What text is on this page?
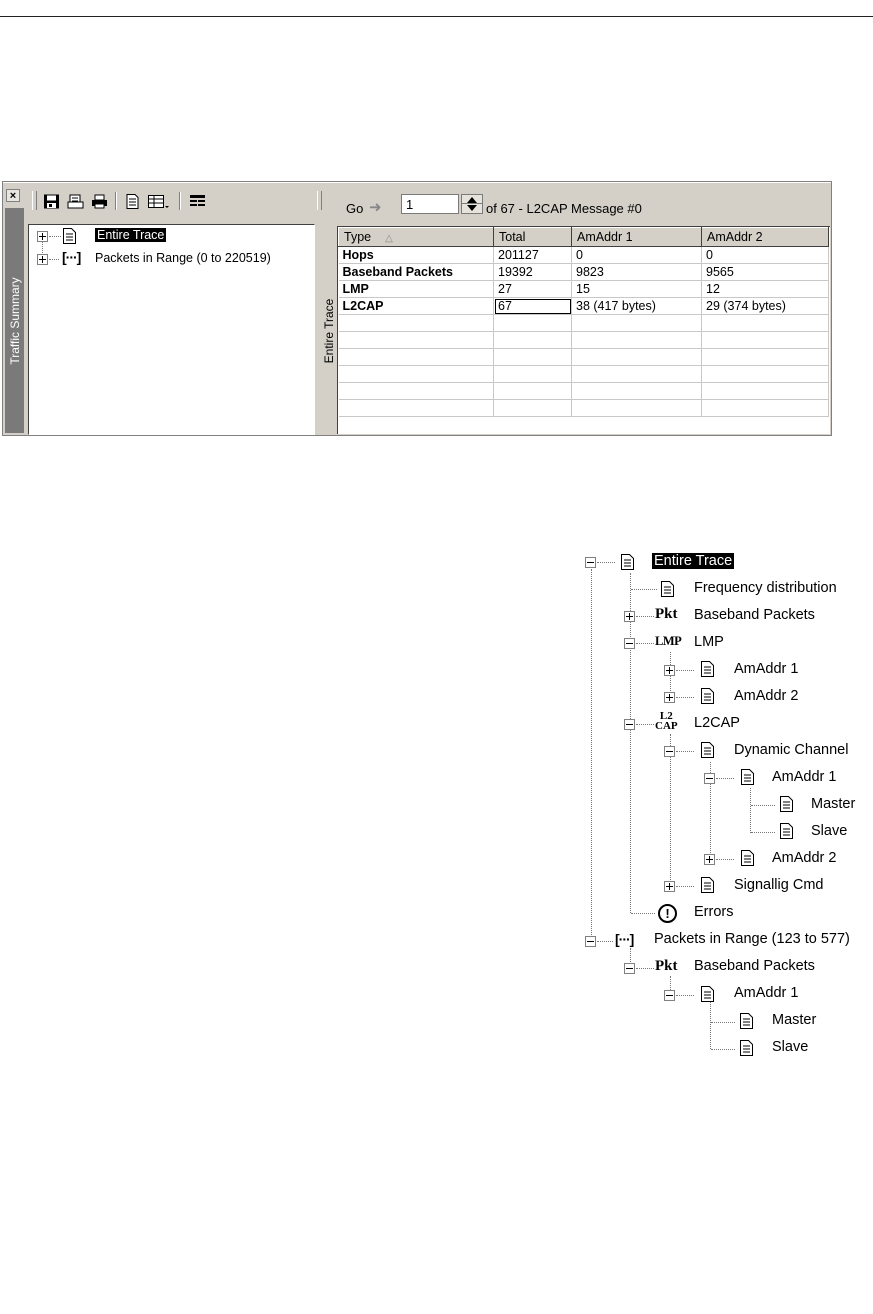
×
Traffic Summary
Entire Trace
[···] Packets in Range (0 to 220519)
Go ➜
1	of 67 - L2CAP Message #0
Entire Trace
Type △	Total	AmAddr 1	AmAddr 2
Hops	201127	0	0
Baseband Packets	19392	9823	9565
LMP	27	15	12
L2CAP	67	38 (417 bytes)	29 (374 bytes)

Entire Trace
Frequency distribution
Pkt Baseband Packets
LMP LMP
AmAddr 1
AmAddr 2
L2
CAP L2CAP
Dynamic Channel
AmAddr 1
Master
Slave
AmAddr 2
Signallig Cmd
!	Errors
[···] Packets in Range (123 to 577)
Pkt Baseband Packets
AmAddr 1
Master
Slave
